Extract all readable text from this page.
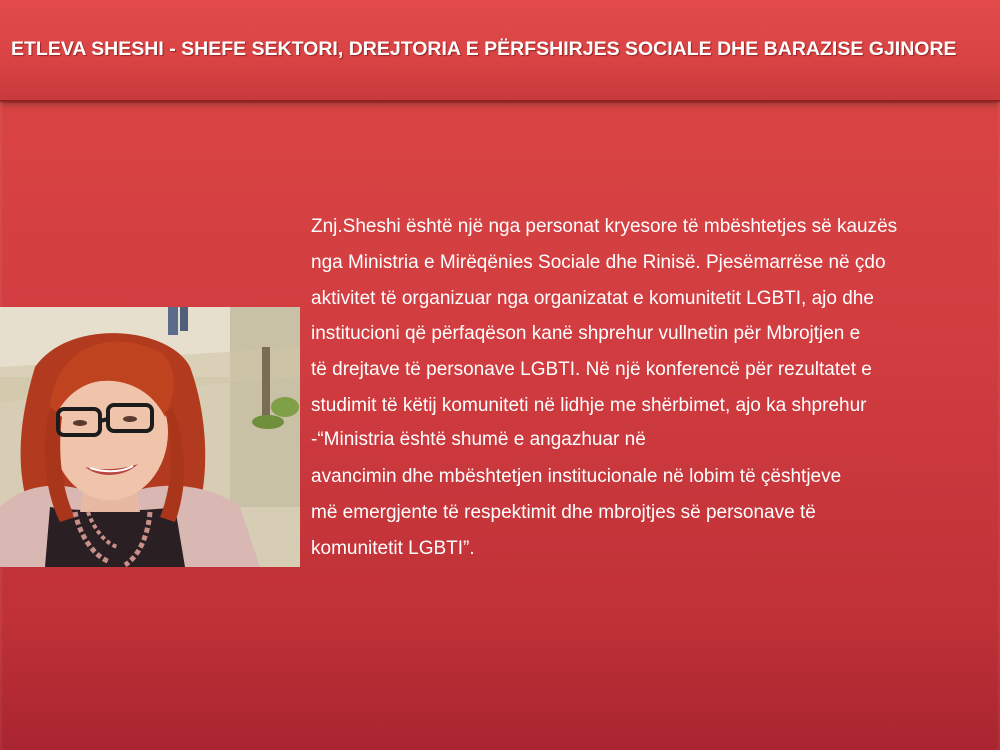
ETLEVA SHESHI - SHEFE SEKTORI, DREJTORIA E PËRFSHIRJES SOCIALE DHE BARAZISE GJINORE
Znj.Sheshi është një nga personat kryesore të mbështetjes së kauzës
nga Ministria e Mirëqënies Sociale dhe Rinisë. Pjesëmarrëse në çdo
aktivitet të organizuar nga organizatat e komunitetit LGBTI, ajo dhe
institucioni që përfaqëson kanë shprehur vullnetin për Mbrojtjen e
të drejtave të personave LGBTI. Në një konferencë për rezultatet e
studimit të këtij komuniteti në lidhje me shërbimet, ajo ka shprehur
-“Ministria është shumë e angazhuar në
avancimin dhe mbështetjen institucionale në lobim të çështjeve
më emergjente të respektimit dhe mbrojtjes së personave të
komunitetit LGBTI”.
